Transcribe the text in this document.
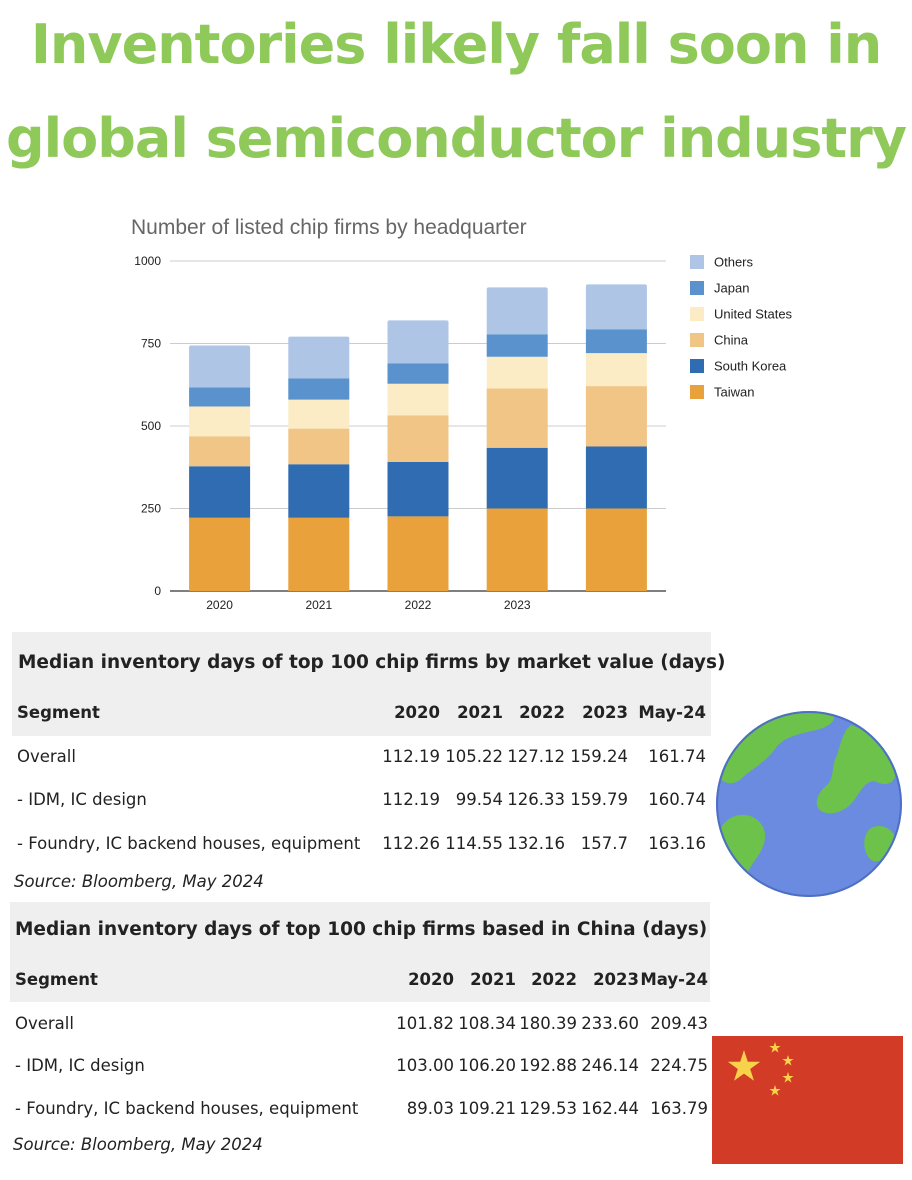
Inventories likely fall soon in
global semiconductor industry
Number of listed chip firms by headquarter
0
250
500
750
1000
2020	2021	2022	2023
Others
Japan
United States
China
South Korea
Taiwan
Median inventory days of top 100 chip firms by market value (days)
Source: Bloomberg, May 2024
Segment	2020 2021 2022 2023 May-24
Overall	112.19 105.22 127.12 159.24 161.74
- IDM, IC design	112.19 99.54 126.33 159.79 160.74
- Foundry, IC backend houses, equipment 112.26 114.55 132.16 157.7 163.16
Median inventory days of top 100 chip firms based in China (days)
Source: Bloomberg, May 2024
Segment	2020 2021 2022 2023 May-24
Overall	101.82 108.34 180.39 233.60 209.43
- IDM, IC design	103.00 106.20 192.88 246.14 224.75
- Foundry, IC backend houses, equipment	89.03 109.21 129.53 162.44 163.79
